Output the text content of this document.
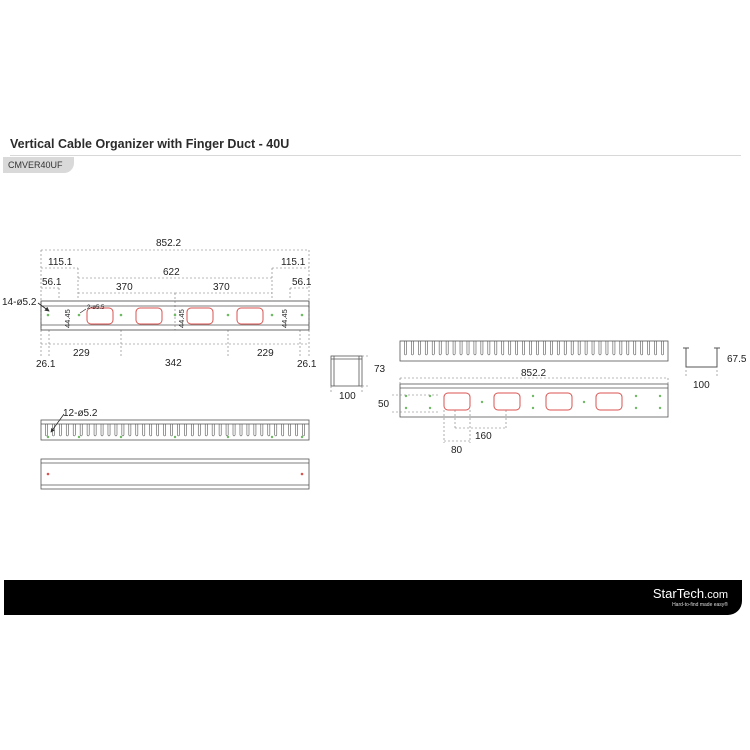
Vertical Cable Organizer with Finger Duct - 40U
CMVER40UF
852.2
115.1	115.1
622
370	370
56.1	56.1
14-ø5.2
229
342
229
26.1	26.1
2-ø5.5
44.45	44.45	44.45
12-ø5.2
73
100
67.5
100
852.2
50
160
80
StarTech.com
Hard-to-find made easy®
